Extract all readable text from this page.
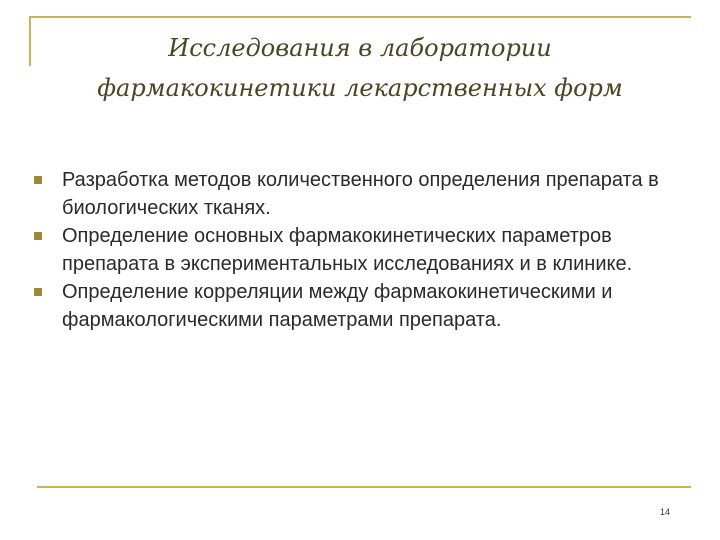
Исследования в лаборатории
фармакокинетики лекарственных форм
Разработка методов количественного определения препарата в биологических тканях.
Определение основных фармакокинетических параметров препарата в экспериментальных исследованиях и в клинике.
Определение корреляции между фармакокинетическими и фармакологическими параметрами препарата.
14
